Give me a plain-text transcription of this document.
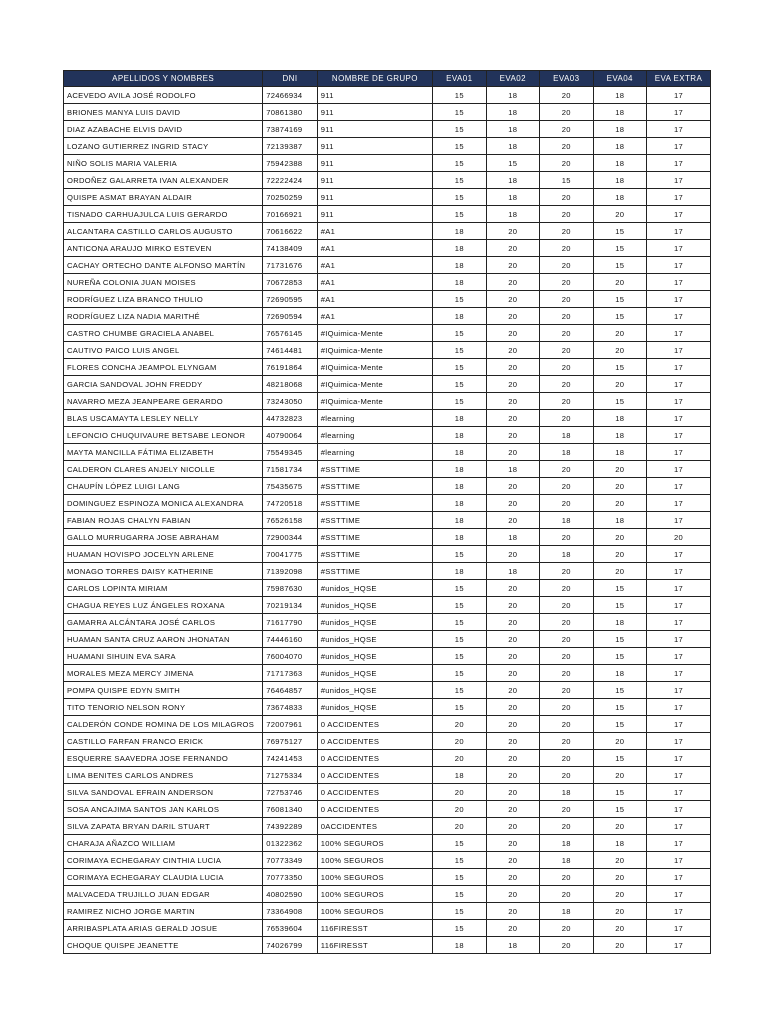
APELLIDOS Y NOMBRES	DNI	NOMBRE DE GRUPO	EVA01	EVA02	EVA03	EVA04	EVA EXTRA
ACEVEDO AVILA JOSÉ RODOLFO	72466934	911	15	18	20	18	17
BRIONES MANYA LUIS DAVID	70861380	911	15	18	20	18	17
DIAZ AZABACHE ELVIS DAVID	73874169	911	15	18	20	18	17
LOZANO GUTIERREZ INGRID STACY	72139387	911	15	18	20	18	17
NIÑO SOLIS MARIA VALERIA	75942388	911	15	15	20	18	17
ORDOÑEZ GALARRETA IVAN ALEXANDER	72222424	911	15	18	15	18	17
QUISPE ASMAT BRAYAN ALDAIR	70250259	911	15	18	20	18	17
TISNADO CARHUAJULCA LUIS GERARDO	70166921	911	15	18	20	20	17
ALCANTARA CASTILLO CARLOS AUGUSTO	70616622	#A1	18	20	20	15	17
ANTICONA ARAUJO MIRKO ESTEVEN	74138409	#A1	18	20	20	15	17
CACHAY ORTECHO DANTE ALFONSO MARTÍN	71731676	#A1	18	20	20	15	17
NUREÑA COLONIA JUAN MOISES	70672853	#A1	18	20	20	20	17
RODRÍGUEZ LIZA BRANCO THULIO	72690595	#A1	15	20	20	15	17
RODRÍGUEZ LIZA NADIA MARITHÉ	72690594	#A1	18	20	20	15	17
CASTRO CHUMBE GRACIELA ANABEL	76576145	#IQuimica-Mente	15	20	20	20	17
CAUTIVO PAICO LUIS ANGEL	74614481	#IQuimica-Mente	15	20	20	20	17
FLORES CONCHA JEAMPOL ELYNGAM	76191864	#IQuimica-Mente	15	20	20	15	17
GARCIA SANDOVAL JOHN FREDDY	48218068	#IQuimica-Mente	15	20	20	20	17
NAVARRO MEZA JEANPEARE GERARDO	73243050	#IQuimica-Mente	15	20	20	15	17
BLAS USCAMAYTA LESLEY NELLY	44732823	#learning	18	20	20	18	17
LEFONCIO CHUQUIVAURE BETSABE LEONOR	40790064	#learning	18	20	18	18	17
MAYTA MANCILLA FÁTIMA ELIZABETH	75549345	#learning	18	20	18	18	17
CALDERON CLARES ANJELY NICOLLE	71581734	#SSTTIME	18	18	20	20	17
CHAUPÍN LÓPEZ LUIGI LANG	75435675	#SSTTIME	18	20	20	20	17
DOMINGUEZ ESPINOZA MONICA ALEXANDRA	74720518	#SSTTIME	18	20	20	20	17
FABIAN ROJAS CHALYN FABIAN	76526158	#SSTTIME	18	20	18	18	17
GALLO MURRUGARRA JOSE ABRAHAM	72900344	#SSTTIME	18	18	20	20	20
HUAMAN HOVISPO JOCELYN ARLENE	70041775	#SSTTIME	15	20	18	20	17
MONAGO TORRES DAISY KATHERINE	71392098	#SSTTIME	18	18	20	20	17
CARLOS LOPINTA MIRIAM	75987630	#unidos_HQSE	15	20	20	15	17
CHAGUA REYES LUZ ÁNGELES ROXANA	70219134	#unidos_HQSE	15	20	20	15	17
GAMARRA ALCÁNTARA JOSÉ CARLOS	71617790	#unidos_HQSE	15	20	20	18	17
HUAMAN SANTA CRUZ AARON JHONATAN	74446160	#unidos_HQSE	15	20	20	15	17
HUAMANI SIHUIN EVA SARA	76004070	#unidos_HQSE	15	20	20	15	17
MORALES MEZA MERCY JIMENA	71717363	#unidos_HQSE	15	20	20	18	17
POMPA QUISPE EDYN SMITH	76464857	#unidos_HQSE	15	20	20	15	17
TITO TENORIO NELSON RONY	73674833	#unidos_HQSE	15	20	20	15	17
CALDERÓN CONDE ROMINA DE LOS MILAGROS	72007961	0 ACCIDENTES	20	20	20	15	17
CASTILLO FARFAN FRANCO ERICK	76975127	0 ACCIDENTES	20	20	20	20	17
ESQUERRE SAAVEDRA JOSE FERNANDO	74241453	0 ACCIDENTES	20	20	20	15	17
LIMA BENITES CARLOS ANDRES	71275334	0 ACCIDENTES	18	20	20	20	17
SILVA SANDOVAL EFRAIN ANDERSON	72753746	0 ACCIDENTES	20	20	18	15	17
SOSA ANCAJIMA SANTOS JAN KARLOS	76081340	0 ACCIDENTES	20	20	20	15	17
SILVA ZAPATA BRYAN DARIL STUART	74392289	0ACCIDENTES	20	20	20	20	17
CHARAJA AÑAZCO WILLIAM	01322362	100% SEGUROS	15	20	18	18	17
CORIMAYA ECHEGARAY CINTHIA LUCIA	70773349	100% SEGUROS	15	20	18	20	17
CORIMAYA ECHEGARAY CLAUDIA LUCIA	70773350	100% SEGUROS	15	20	20	20	17
MALVACEDA TRUJILLO JUAN EDGAR	40802590	100% SEGUROS	15	20	20	20	17
RAMIREZ NICHO JORGE MARTIN	73364908	100% SEGUROS	15	20	18	20	17
ARRIBASPLATA ARIAS GERALD JOSUE	76539604	116FIRESST	15	20	20	20	17
CHOQUE QUISPE JEANETTE	74026799	116FIRESST	18	18	20	20	17
